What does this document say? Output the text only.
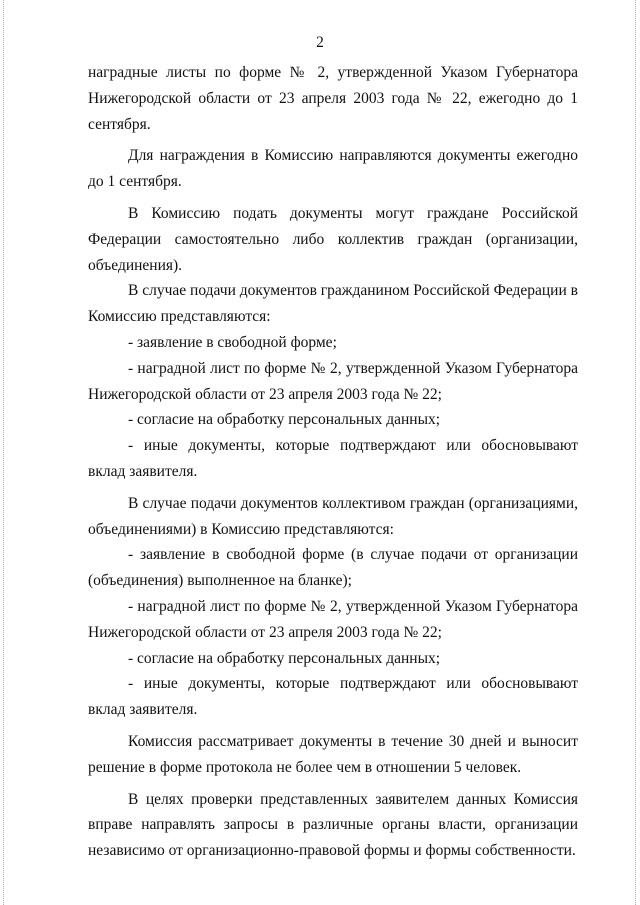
2

наградные листы по форме № 2, утвержденной Указом Губернатора Нижегородской области от 23 апреля 2003 года № 22, ежегодно до 1 сентября.

Для награждения в Комиссию направляются документы ежегодно до 1 сентября.

В Комиссию подать документы могут граждане Российской Федерации самостоятельно либо коллектив граждан (организации, объединения).

В случае подачи документов гражданином Российской Федерации в Комиссию представляются:

- заявление в свободной форме;

- наградной лист по форме № 2, утвержденной Указом Губернатора Нижегородской области от 23 апреля 2003 года № 22;

- согласие на обработку персональных данных;

- иные документы, которые подтверждают или обосновывают вклад заявителя.

В случае подачи документов коллективом граждан (организациями, объединениями) в Комиссию представляются:

- заявление в свободной форме (в случае подачи от организации (объединения) выполненное на бланке);

- наградной лист по форме № 2, утвержденной Указом Губернатора Нижегородской области от 23 апреля 2003 года № 22;

- согласие на обработку персональных данных;

- иные документы, которые подтверждают или обосновывают вклад заявителя.

Комиссия рассматривает документы в течение 30 дней и выносит решение в форме протокола не более чем в отношении 5 человек.

В целях проверки представленных заявителем данных Комиссия вправе направлять запросы в различные органы власти, организации независимо от организационно-правовой формы и формы собственности.
